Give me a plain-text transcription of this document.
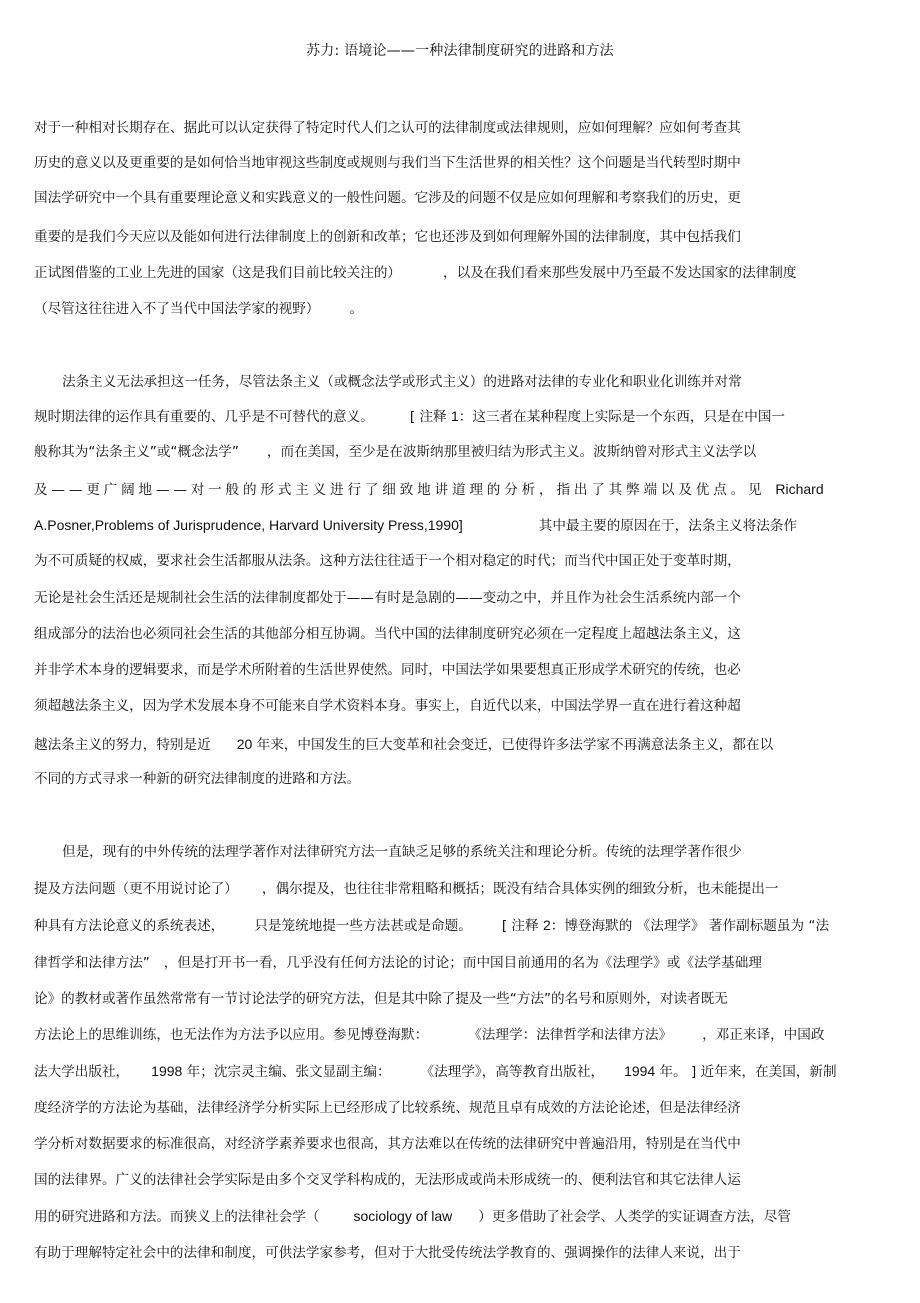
苏力: 语境论——一种法律制度研究的进路和方法
对于一种相对长期存在、据此可以认定获得了特定时代人们之认可的法律制度或法律规则，应如何理解？应如何考查其
历史的意义以及更重要的是如何恰当地审视这些制度或规则与我们当下生活世界的相关性？这个问题是当代转型时期中
国法学研究中一个具有重要理论意义和实践意义的一般性问题。它涉及的问题不仅是应如何理解和考察我们的历史，更
重要的是我们今天应以及能如何进行法律制度上的创新和改革；它也还涉及到如何理解外国的法律制度，其中包括我们
正试图借鉴的工业上先进的国家（这是我们目前比较关注的）	，以及在我们看来那些发展中乃至最不发达国家的法律制度
（尽管这往往进入不了当代中国法学家的视野） 。
法条主义无法承担这一任务，尽管法条主义（或概念法学或形式主义）的进路对法律的专业化和职业化训练并对常
规时期法律的运作具有重要的、几乎是不可替代的意义。	[ 注释 1：这三者在某种程度上实际是一个东西，只是在中国一
般称其为“法条主义”或“概念法学” ，而在美国，至少是在波斯纳那里被归结为形式主义。波斯纳曾对形式主义法学以
及 — — 更 广 阔 地 — — 对 一 般 的 形 式 主 义 进 行 了 细 致 地 讲 道 理 的 分 析 ， 指 出 了 其 弊 端 以 及 优 点 。 见 Richard
A.Posner,Problems of Jurisprudence, Harvard University Press,1990]	其中最主要的原因在于，法条主义将法条作
为不可质疑的权威，要求社会生活都服从法条。这种方法往往适于一个相对稳定的时代；而当代中国正处于变革时期，
无论是社会生活还是规制社会生活的法律制度都处于——有时是急剧的——变动之中，并且作为社会生活系统内部一个
组成部分的法治也必须同社会生活的其他部分相互协调。当代中国的法律制度研究必须在一定程度上超越法条主义，这
并非学术本身的逻辑要求，而是学术所附着的生活世界使然。同时，中国法学如果要想真正形成学术研究的传统，也必
须超越法条主义，因为学术发展本身不可能来自学术资料本身。事实上，自近代以来，中国法学界一直在进行着这种超
越法条主义的努力，特别是近 20 年来，中国发生的巨大变革和社会变迁，已使得许多法学家不再满意法条主义，都在以
不同的方式寻求一种新的研究法律制度的进路和方法。
但是，现有的中外传统的法理学著作对法律研究方法一直缺乏足够的系统关注和理论分析。传统的法理学著作很少
提及方法问题（更不用说讨论了） ，偶尔提及，也往往非常粗略和概括；既没有结合具体实例的细致分析，也未能提出一
种具有方法论意义的系统表述， 只是笼统地提一些方法甚或是命题。 [ 注释 2：博登海默的 《法理学》 著作副标题虽为 “法
律哲学和法律方法” ，但是打开书一看，几乎没有任何方法论的讨论；而中国目前通用的名为《法理学》或《法学基础理
论》的教材或著作虽然常常有一节讨论法学的研究方法，但是其中除了提及一些“方法”的名号和原则外，对读者既无
方法论上的思维训练，也无法作为方法予以应用。参见博登海默：	《法理学：法律哲学和法律方法》 ，邓正来译，中国政
法大学出版社， 1998 年；沈宗灵主编、张文显副主编： 《法理学》，高等教育出版社， 1994 年。 ] 近年来，在美国，新制
度经济学的方法论为基础，法律经济学分析实际上已经形成了比较系统、规范且卓有成效的方法论论述，但是法律经济
学分析对数据要求的标准很高，对经济学素养要求也很高，其方法难以在传统的法律研究中普遍沿用，特别是在当代中
国的法律界。广义的法律社会学实际是由多个交叉学科构成的，无法形成或尚未形成统一的、便利法官和其它法律人运
用的研究进路和方法。而狭义上的法律社会学（ sociology of law ）更多借助了社会学、人类学的实证调查方法，尽管
有助于理解特定社会中的法律和制度，可供法学家参考，但对于大批受传统法学教育的、强调操作的法律人来说，出于
